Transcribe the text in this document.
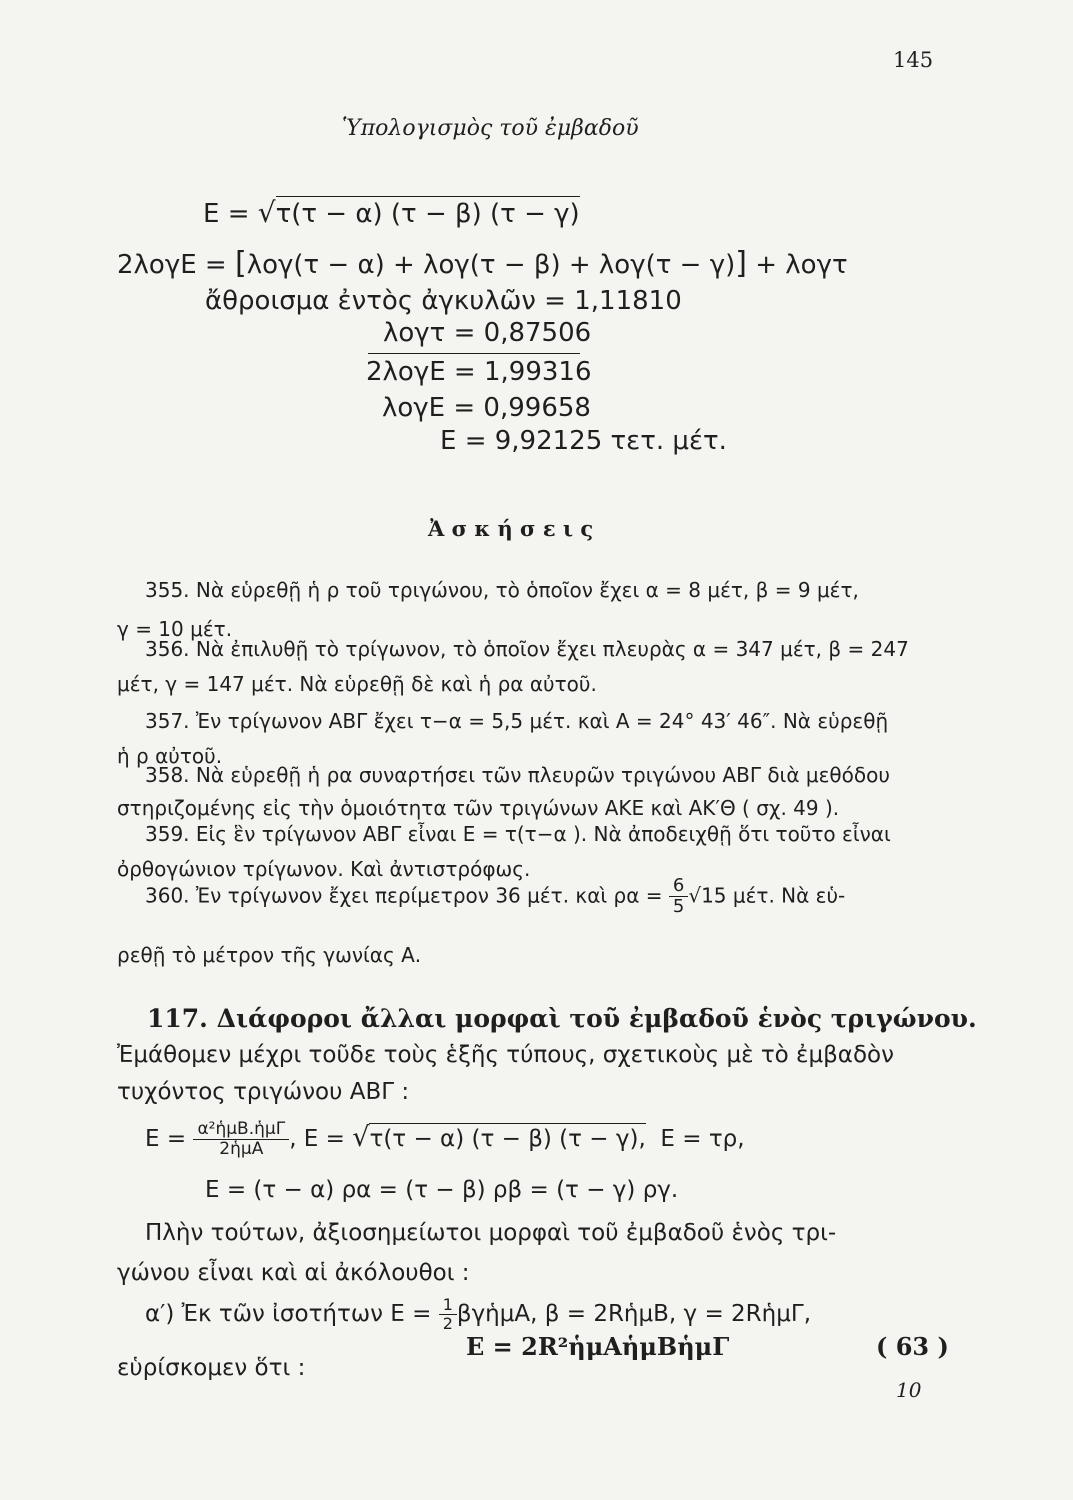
145
Ὑπολογισμὸς τοῦ ἐμβαδοῦ
E = √τ(τ − α) (τ − β) (τ − γ)
2λογE = [λογ(τ − α) + λογ(τ − β) + λογ(τ − γ)] + λογτ
ἄθροισμα ἐντὸς ἀγκυλῶν = 1,11810
λογτ = 0,87506
2λογE = 1,99316
λογE = 0,99658
E = 9,92125 τετ. μέτ.
Ἀ σ κ ή σ ε ι ς
355. Νὰ εὑρεθῇ ἡ ρ τοῦ τριγώνου, τὸ ὁποῖον ἔχει α = 8 μέτ, β = 9 μέτ,
γ = 10 μέτ.
356. Νὰ ἐπιλυθῇ τὸ τρίγωνον, τὸ ὁποῖον ἔχει πλευρὰς α = 347 μέτ, β = 247
μέτ, γ = 147 μέτ. Νὰ εὑρεθῇ δὲ καὶ ἡ ρα αὐτοῦ.
357. Ἐν τρίγωνον ΑΒΓ ἔχει τ−α = 5,5 μέτ. καὶ Α = 24° 43′ 46″. Νὰ εὑρεθῇ
ἡ ρ αὐτοῦ.
358. Νὰ εὑρεθῇ ἡ ρα συναρτήσει τῶν πλευρῶν τριγώνου ΑΒΓ διὰ μεθόδου
στηριζομένης εἰς τὴν ὁμοιότητα τῶν τριγώνων ΑΚΕ καὶ ΑΚ′Θ ( σχ. 49 ).
359. Εἰς ἓν τρίγωνον ΑΒΓ εἶναι Ε = τ(τ−α ). Νὰ ἀποδειχθῇ ὅτι τοῦτο εἶναι
ὀρθογώνιον τρίγωνον. Καὶ ἀντιστρόφως.
360. Ἐν τρίγωνον ἔχει περίμετρον 36 μέτ. καὶ $\rho\alpha = \frac{6}{5} √15$ μέτ. Νὰ εὑ-
ρεθῇ τὸ μέτρον τῆς γωνίας Α.
117. Διάφοροι ἄλλαι μορφαὶ τοῦ ἐμβαδοῦ ἑνὸς τριγώνου.
Ἐμάθομεν μέχρι τοῦδε τοὺς ἑξῆς τύπους, σχετικοὺς μὲ τὸ ἐμβαδὸν
τυχόντος τριγώνου ΑΒΓ :
$E = \frac{\text{α²ἡμΒ.ἡμΓ}}{\text{2ἡμΑ}}$ , E = √τ(τ − α) (τ − β) (τ − γ), E = τρ,
E = (τ − α) ρα = (τ − β) ρβ = (τ − γ) ργ.
Πλὴν τούτων, ἀξιοσημείωτοι μορφαὶ τοῦ ἐμβαδοῦ ἑνὸς τρι-
γώνου εἶναι καὶ αἱ ἀκόλουθοι :
α′) Ἐκ τῶν ἰσοτήτων $E = \frac{1}{2}$ βγἡμΑ, β = 2RἡμΒ, γ = 2RἡμΓ,
εὑρίσκομεν ὅτι :
E = 2R²ἡμΑἡμΒἡμΓ	( 63 )
10
